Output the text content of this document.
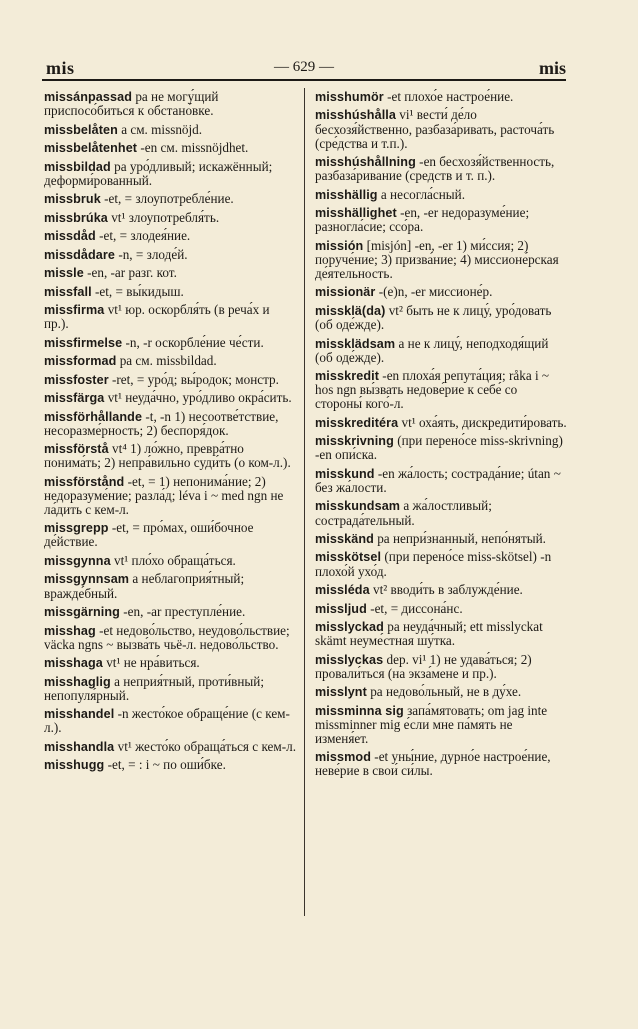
mis	— 629 —	mis
missánpassad pa не могу́щий приспосо́биться к обстано́вке.
missbelåten a см. missnöjd.
missbelåtenhet -en см. missnöjdhet.
missbildad pa уро́дливый; искажённый; деформи́рованный.
missbruk -et, = злоупотребле́ние.
missbrúka vt¹ злоупотребля́ть.
missdåd -et, = злодея́ние.
missdådare -n, = злоде́й.
missle -en, -ar разг. кот.
missfall -et, = вы́кидыш.
missfirma vt¹ юр. оскорбля́ть (в реча́х и пр.).
missfirmelse -n, -r оскорбле́ние че́сти.
missformad pa см. missbildad.
missfoster -ret, = уро́д; вы́родок; монстр.
missfärga vt¹ неуда́чно, уро́дливо окра́сить.
missförhållande -t, -n 1) несоотве́тствие, несоразме́рность; 2) беспоря́док.
missförstå vt⁴ 1) ло́жно, превра́тно понима́ть; 2) непра́вильно суди́ть (о ком-л.).
missförstånd -et, = 1) непонима́ние; 2) недоразуме́ние; разла́д; léva i ~ med ngn не ла́дить с кем-л.
missgrepp -et, = про́мах, оши́бочное де́йствие.
missgynna vt¹ пло́хо обраща́ться.
missgynnsam a неблагоприя́тный; вражде́бный.
missgärning -en, -ar преступле́ние.
misshag -et недово́льство, неудово́льствие; väcka ngns ~ вызва́ть чьё-л. недово́льство.
misshaga vt¹ не нра́виться.
misshaglig a неприя́тный, проти́вный; непопуля́рный.
misshandel -n жесто́кое обраще́ние (с кем-л.).
misshandla vt¹ жесто́ко обраща́ться с кем-л.
misshugg -et, = : i ~ по оши́бке.
misshumör -et плохо́е настрое́ние.
misshúshålla vi¹ вести́ де́ло бесхозя́йственно, разбаза́ривать, расточа́ть (сре́дства и т.п.).
misshúshållning -en бесхозя́йственность, разбаза́ривание (средств и т. п.).
misshällig a несогла́сный.
misshällighet -en, -er недоразуме́ние; разногла́сие; ссо́ра.
missión [misjón] -en, -er 1) ми́ссия; 2) поруче́ние; 3) призва́ние; 4) миссионе́рская де́ятельность.
missionär -(e)n, -er миссионе́р.
missklä(da) vt² быть не к лицу́, уро́довать (об оде́жде).
missklädsam a не к лицу́, неподходя́щий (об оде́жде).
misskredit -en плоха́я репута́ция; råka i ~ hos ngn вы́звать недове́рие к себе́ со стороны́ кого́-л.
misskreditéra vt¹ оха́ять, дискредити́ровать.
misskrivning (при перено́се miss-skrivning) -en опи́ска.
misskund -en жа́лость; сострада́ние; útan ~ без жа́лости.
misskundsam a жа́лостливый; сострада́тельный.
misskänd pa непри́знанный, непо́нятый.
misskötsel (при перено́се miss-skötsel) -n плохо́й ухо́д.
missléda vt² вводи́ть в заблужде́ние.
missljud -et, = диссона́нс.
misslyckad pa неуда́чный; ett misslyckat skämt неуме́стная шу́тка.
misslyckas dep. vi¹ 1) не удава́ться; 2) провали́ться (на экза́мене и пр.).
misslynt pa недово́льный, не в ду́хе.
missminna sig запа́мятовать; om jag inte missminner mig е́сли мне па́мять не изменя́ет.
missmod -et уны́ние, дурно́е настрое́ние, неве́рие в свои́ си́лы.
